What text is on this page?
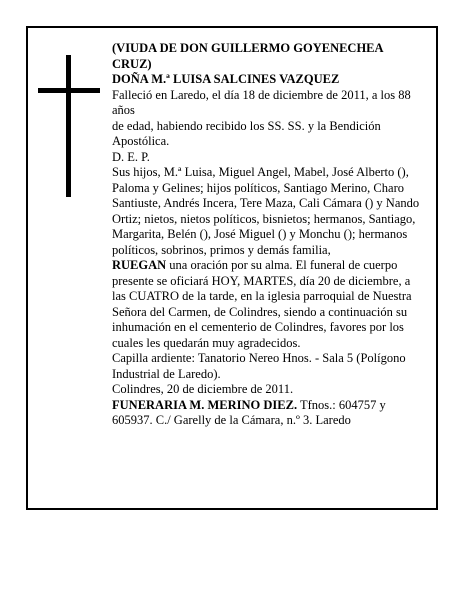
(VIUDA DE DON GUILLERMO GOYENECHEA CRUZ)

DOÑA M.ª LUISA SALCINES VAZQUEZ

Falleció en Laredo, el día 18 de diciembre de 2011, a los 88 años

de edad, habiendo recibido los SS. SS. y la Bendición Apostólica.

D. E. P.

Sus hijos, M.ª Luisa, Miguel Angel, Mabel, José Alberto (), Paloma y Gelines; hijos políticos, Santiago Merino, Charo Santiuste, Andrés Incera, Tere Maza, Cali Cámara () y Nando Ortiz; nietos, nietos políticos, bisnietos; hermanos, Santiago, Margarita, Belén (), José Miguel () y Monchu (); hermanos políticos, sobrinos, primos y demás familia,

RUEGAN una oración por su alma. El funeral de cuerpo presente se oficiará HOY, MARTES, día 20 de diciembre, a las CUATRO de la tarde, en la iglesia parroquial de Nuestra Señora del Carmen, de Colindres, siendo a continuación su inhumación en el cementerio de Colindres, favores por los cuales les quedarán muy agradecidos.

Capilla ardiente: Tanatorio Nereo Hnos. - Sala 5 (Polígono Industrial de Laredo).

Colindres, 20 de diciembre de 2011.

FUNERARIA M. MERINO DIEZ. Tfnos.: 604757 y 605937. C./ Garelly de la Cámara, n.º 3. Laredo
